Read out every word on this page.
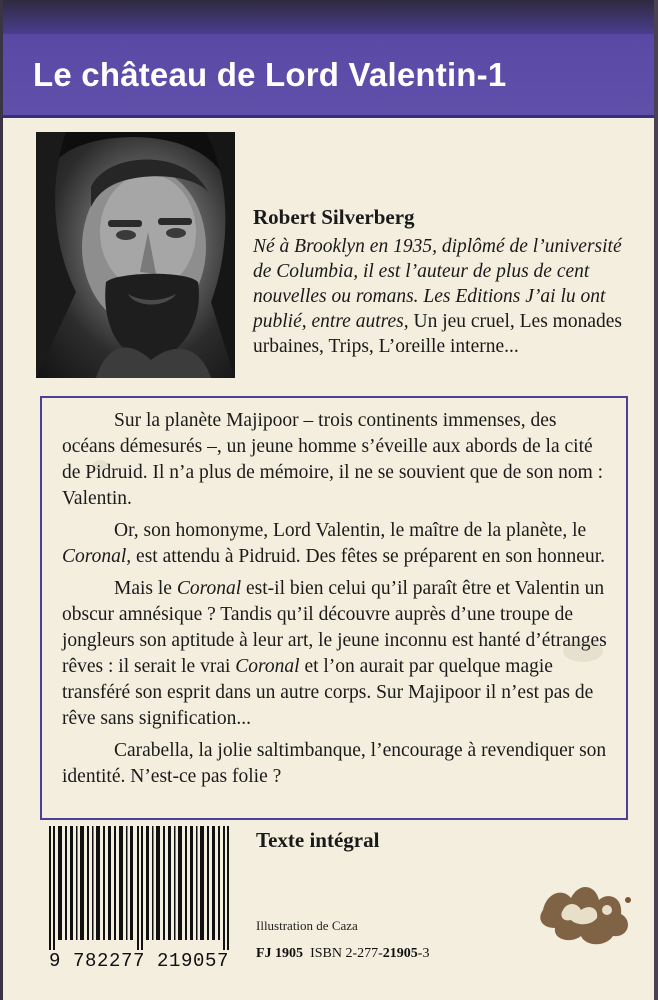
Le château de Lord Valentin-1
Robert Silverberg
Né à Brooklyn en 1935, diplômé de l’université de Columbia, il est l’auteur de plus de cent nouvelles ou romans. Les Editions J’ai lu ont publié, entre autres, Un jeu cruel, Les monades urbaines, Trips, L’oreille interne...

Sur la planète Majipoor – trois continents immenses, des océans démesurés –, un jeune homme s’éveille aux abords de la cité de Pidruid. Il n’a plus de mémoire, il ne se souvient que de son nom : Valentin.

Or, son homonyme, Lord Valentin, le maître de la planète, le Coronal, est attendu à Pidruid. Des fêtes se préparent en son honneur.

Mais le Coronal est-il bien celui qu’il paraît être et Valentin un obscur amnésique ? Tandis qu’il découvre auprès d’une troupe de jongleurs son aptitude à leur art, le jeune inconnu est hanté d’étranges rêves : il serait le vrai Coronal et l’on aurait par quelque magie transféré son esprit dans un autre corps. Sur Majipoor il n’est pas de rêve sans signification...

Carabella, la jolie saltimbanque, l’encourage à revendiquer son identité. N’est-ce pas folie ?

9 782277 219057
Texte intégral
Illustration de Caza
FJ 1905 ISBN 2-277-21905-3
